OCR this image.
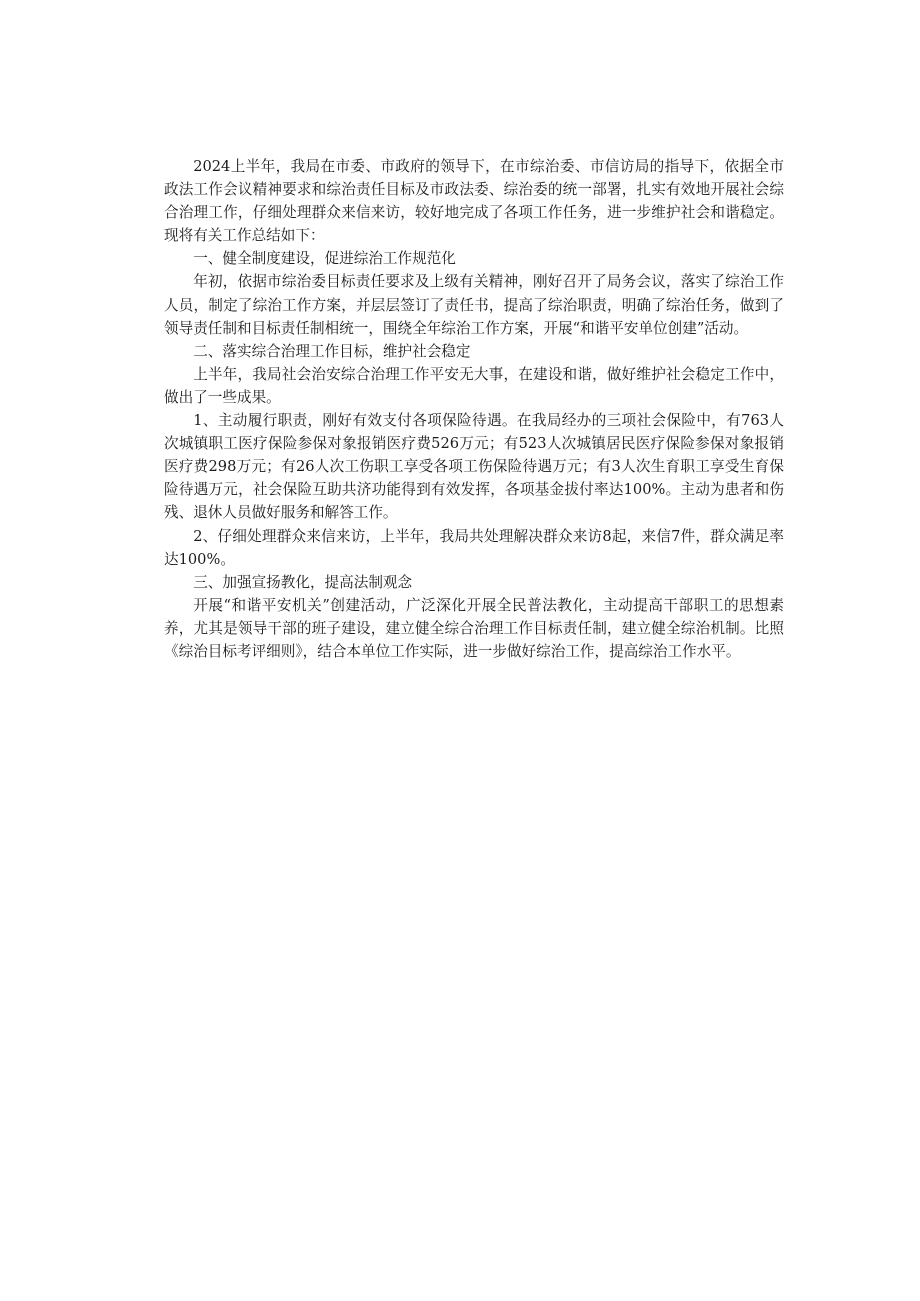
2024上半年，我局在市委、市政府的领导下，在市综治委、市信访局的指导下，依据全市政法工作会议精神要求和综治责任目标及市政法委、综治委的统一部署，扎实有效地开展社会综合治理工作，仔细处理群众来信来访，较好地完成了各项工作任务，进一步维护社会和谐稳定。现将有关工作总结如下：

一、健全制度建设，促进综治工作规范化

年初，依据市综治委目标责任要求及上级有关精神，刚好召开了局务会议，落实了综治工作人员，制定了综治工作方案，并层层签订了责任书，提高了综治职责，明确了综治任务，做到了领导责任制和目标责任制相统一，围绕全年综治工作方案，开展“和谐平安单位创建”活动。

二、落实综合治理工作目标，维护社会稳定

上半年，我局社会治安综合治理工作平安无大事，在建设和谐，做好维护社会稳定工作中，做出了一些成果。

1、主动履行职责，刚好有效支付各项保险待遇。在我局经办的三项社会保险中，有763人次城镇职工医疗保险参保对象报销医疗费526万元；有523人次城镇居民医疗保险参保对象报销医疗费298万元；有26人次工伤职工享受各项工伤保险待遇万元；有3人次生育职工享受生育保险待遇万元，社会保险互助共济功能得到有效发挥，各项基金拔付率达100%。主动为患者和伤残、退休人员做好服务和解答工作。

2、仔细处理群众来信来访，上半年，我局共处理解决群众来访8起，来信7件，群众满足率达100%。

三、加强宣扬教化，提高法制观念

开展“和谐平安机关”创建活动，广泛深化开展全民普法教化，主动提高干部职工的思想素养，尤其是领导干部的班子建设，建立健全综合治理工作目标责任制，建立健全综治机制。比照《综治目标考评细则》，结合本单位工作实际，进一步做好综治工作，提高综治工作水平。
